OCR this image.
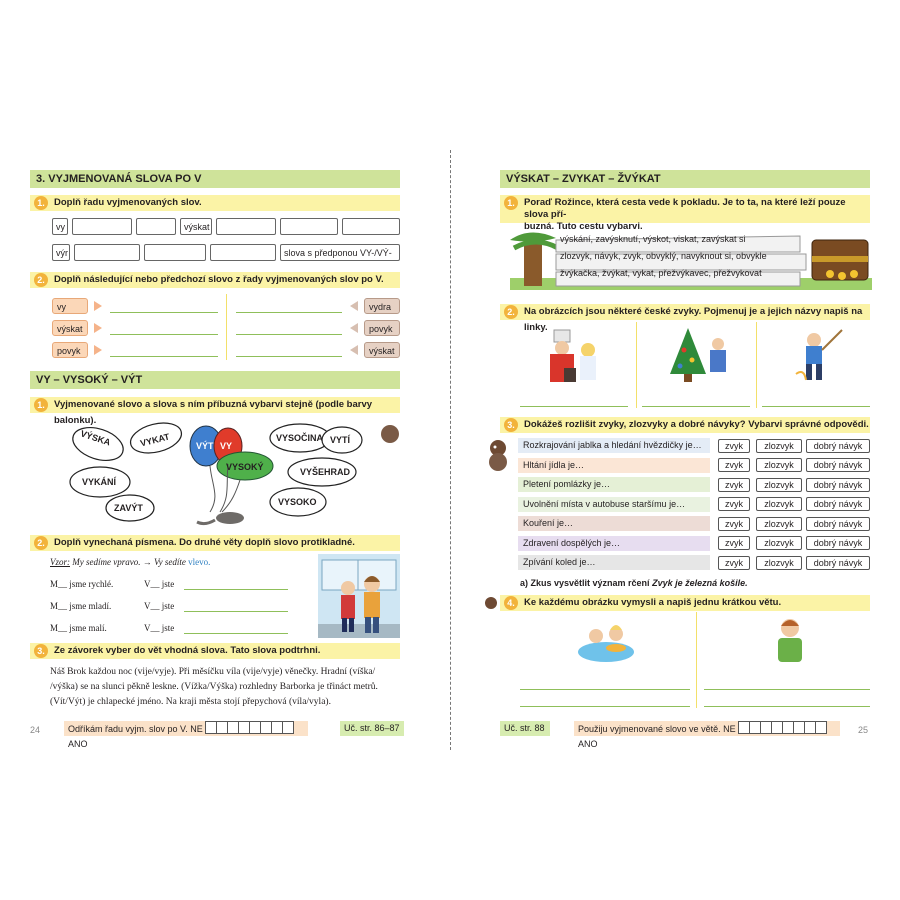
3. VYJMENOVANÁ SLOVA PO V
1. Doplň řadu vyjmenovaných slov.
vy	výskat
výr	slova s předponou VY-/VÝ-
2. Doplň následující nebo předchozí slovo z řady vyjmenovaných slov po V.
vy	vydra
výskat	povyk
povyk	výskat
VY – VYSOKÝ – VÝT
1. Vyjmenované slovo a slova s ním příbuzná vybarvi stejně (podle barvy balonku).
VÝSKA	VYKAT
VYKÁNÍ
ZAVÝT
VÝT VY
VYSOKÝ
VYSOČINA VYTÍ
VYŠEHRAD
VYSOKO
2. Doplň vynechaná písmena. Do druhé věty doplň slovo protikladné.
Vzor: My sedíme vpravo. → Vy sedíte vlevo.
M__ jsme rychlé.	V__ jste
M__ jsme mladí.	V__ jste
M__ jsme malí.	V__ jste
3. Ze závorek vyber do vět vhodná slova. Tato slova podtrhni.
Náš Brok každou noc (vije/vyje). Při měsíčku víla (vije/vyje) věnečky. Hradní (víška/
/výška) se na slunci pěkně leskne. (Vížka/Výška) rozhledny Barborka je třináct metrů.
(Vít/Výt) je chlapecké jméno. Na kraji města stojí přepychová (víla/vyla).
24	Odříkám řadu vyjm. slov po V. NE  ANO
Uč. str. 86–87
VÝSKAT – ZVYKAT – ŽVÝKAT
1. Poraď Rožince, která cesta vede k pokladu. Je to ta, na které leží pouze slova pří-
buzná. Tuto cestu vybarvi.
výskání, zavýsknutí, výskot, viskat, zavýskat si
zlozvyk, návyk, zvyk, obvyklý, navyknout si, obvykle
žvýkačka, žvýkat, vykat, přežvýkavec, přežvykovat
2. Na obrázcích jsou některé české zvyky. Pojmenuj je a jejich názvy napiš na linky.
3. Dokážeš rozlišit zvyky, zlozvyky a dobré návyky? Vybarvi správné odpovědi.
Rozkrajování jablka a hledání hvězdičky je…	zvyk	zlozvyk	dobrý návyk
Hltání jídla je…	zvyk	zlozvyk	dobrý návyk
Pletení pomlázky je…	zvyk	zlozvyk	dobrý návyk
Uvolnění místa v autobuse staršímu je…	zvyk	zlozvyk	dobrý návyk
Kouření je…	zvyk	zlozvyk	dobrý návyk
Zdravení dospělých je…	zvyk	zlozvyk	dobrý návyk
Zpívání koled je…	zvyk	zlozvyk	dobrý návyk
a) Zkus vysvětlit význam rčení Zvyk je železná košile.
4. Ke každému obrázku vymysli a napiš jednu krátkou větu.
Uč. str. 88	Použiju vyjmenované slovo ve větě. NE  ANO
25
